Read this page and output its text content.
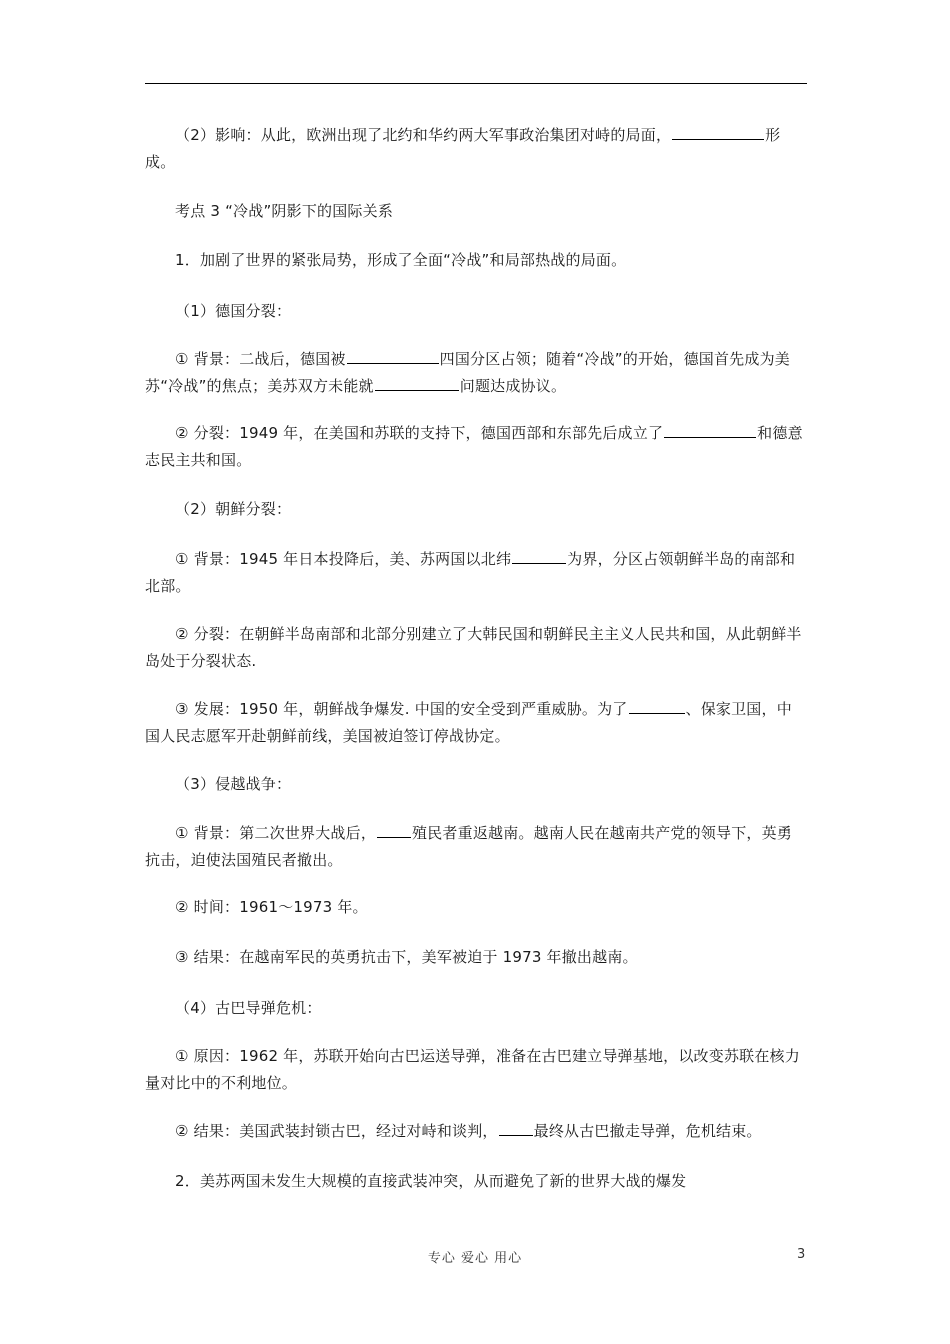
（2）影响：从此，欧洲出现了北约和华约两大军事政治集团对峙的局面，	形成。

考点 3 “冷战”阴影下的国际关系

1．加剧了世界的紧张局势，形成了全面“冷战”和局部热战的局面。

（1）德国分裂：

① 背景：二战后，德国被	四国分区占领；随着“冷战”的开始，德国首先成为美苏“冷战”的焦点；美苏双方未能就	问题达成协议。

② 分裂：1949 年，在美国和苏联的支持下，德国西部和东部先后成立了	和德意志民主共和国。

（2）朝鲜分裂：

① 背景：1945 年日本投降后，美、苏两国以北纬	为界，分区占领朝鲜半岛的南部和北部。

② 分裂：在朝鲜半岛南部和北部分别建立了大韩民国和朝鲜民主主义人民共和国，从此朝鲜半岛处于分裂状态.

③ 发展：1950 年，朝鲜战争爆发. 中国的安全受到严重威胁。为了	、保家卫国，中国人民志愿军开赴朝鲜前线，美国被迫签订停战协定。

（3）侵越战争：

① 背景：第二次世界大战后， 殖民者重返越南。越南人民在越南共产党的领导下，英勇抗击，迫使法国殖民者撤出。

② 时间：1961～1973 年。

③ 结果：在越南军民的英勇抗击下，美军被迫于 1973 年撤出越南。

（4）古巴导弹危机：

① 原因：1962 年，苏联开始向古巴运送导弹，准备在古巴建立导弹基地，以改变苏联在核力量对比中的不利地位。

② 结果：美国武装封锁古巴，经过对峙和谈判， 最终从古巴撤走导弹，危机结束。

2．美苏两国未发生大规模的直接武装冲突，从而避免了新的世界大战的爆发

专心 爱心 用心	3
